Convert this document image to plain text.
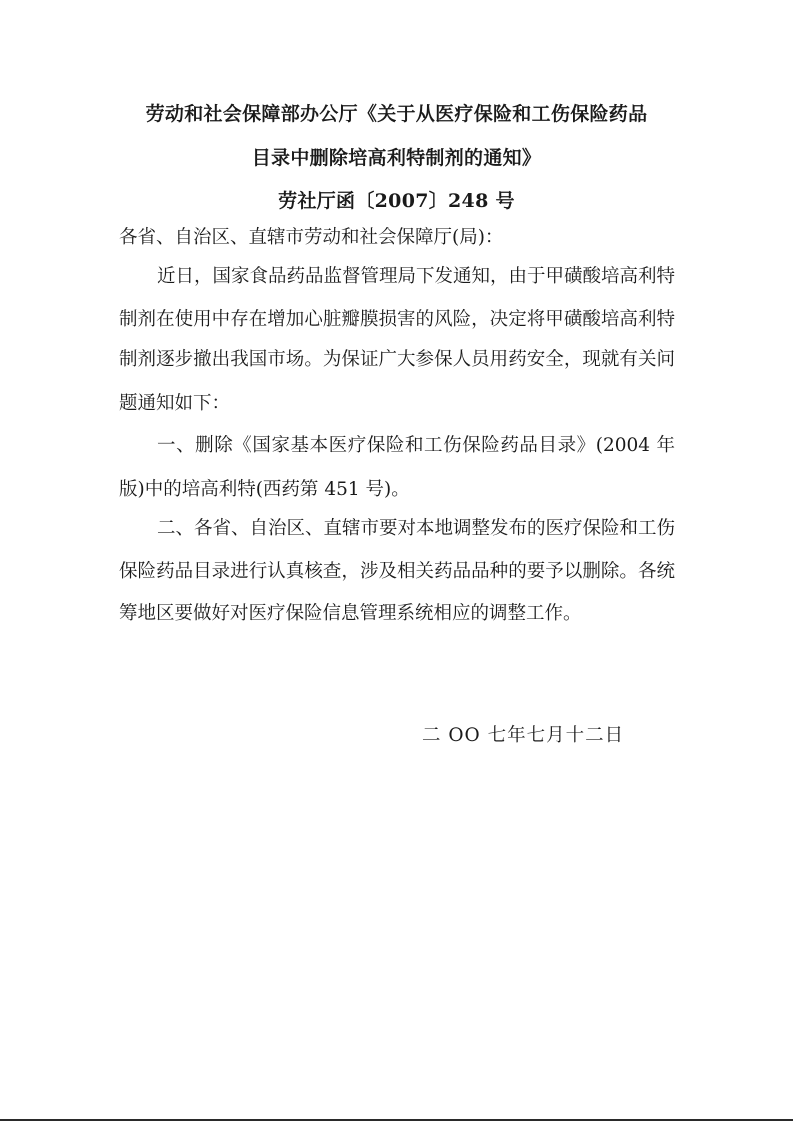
劳动和社会保障部办公厅《关于从医疗保险和工伤保险药品
目录中删除培高利特制剂的通知》
劳社厅函〔2007〕248 号
各省、自治区、直辖市劳动和社会保障厅(局)：
近日，国家食品药品监督管理局下发通知，由于甲磺酸培高利特
制剂在使用中存在增加心脏瓣膜损害的风险，决定将甲磺酸培高利特
制剂逐步撤出我国市场。为保证广大参保人员用药安全，现就有关问
题通知如下：
一、删除《国家基本医疗保险和工伤保险药品目录》(2004 年
版)中的培高利特(西药第 451 号)。
二、各省、自治区、直辖市要对本地调整发布的医疗保险和工伤
保险药品目录进行认真核查，涉及相关药品品种的要予以删除。各统
筹地区要做好对医疗保险信息管理系统相应的调整工作。
二 OO 七年七月十二日
